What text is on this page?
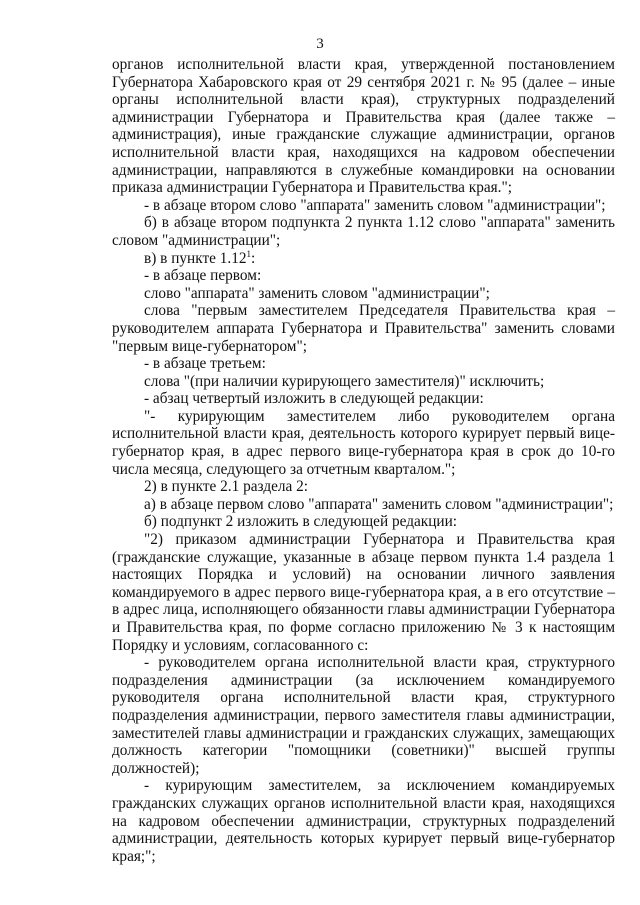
3

органов исполнительной власти края, утвержденной постановлением Губернатора Хабаровского края от 29 сентября 2021 г. № 95 (далее – иные органы исполнительной власти края), структурных подразделений администрации Губернатора и Правительства края (далее также – администрация), иные гражданские служащие администрации, органов исполнительной власти края, находящихся на кадровом обеспечении администрации, направляются в служебные командировки на основании приказа администрации Губернатора и Правительства края.";

- в абзаце втором слово "аппарата" заменить словом "администрации";

б) в абзаце втором подпункта 2 пункта 1.12 слово "аппарата" заменить словом "администрации";

в) в пункте 1.12$^1$:

- в абзаце первом:

слово "аппарата" заменить словом "администрации";

слова "первым заместителем Председателя Правительства края – руководителем аппарата Губернатора и Правительства" заменить словами "первым вице-губернатором";

- в абзаце третьем:

слова "(при наличии курирующего заместителя)" исключить;

- абзац четвертый изложить в следующей редакции:

"- курирующим заместителем либо руководителем органа исполнительной власти края, деятельность которого курирует первый вице-губернатор края, в адрес первого вице-губернатора края в срок до 10-го числа месяца, следующего за отчетным кварталом.";

2) в пункте 2.1 раздела 2:

а) в абзаце первом слово "аппарата" заменить словом "администрации";

б) подпункт 2 изложить в следующей редакции:

"2) приказом администрации Губернатора и Правительства края (гражданские служащие, указанные в абзаце первом пункта 1.4 раздела 1 настоящих Порядка и условий) на основании личного заявления командируемого в адрес первого вице-губернатора края, а в его отсутствие – в адрес лица, исполняющего обязанности главы администрации Губернатора и Правительства края, по форме согласно приложению № 3 к настоящим Порядку и условиям, согласованного с:

- руководителем органа исполнительной власти края, структурного подразделения администрации (за исключением командируемого руководителя органа исполнительной власти края, структурного подразделения администрации, первого заместителя главы администрации, заместителей главы администрации и гражданских служащих, замещающих должность категории "помощники (советники)" высшей группы должностей);

- курирующим заместителем, за исключением командируемых гражданских служащих органов исполнительной власти края, находящихся на кадровом обеспечении администрации, структурных подразделений администрации, деятельность которых курирует первый вице-губернатор края;";
